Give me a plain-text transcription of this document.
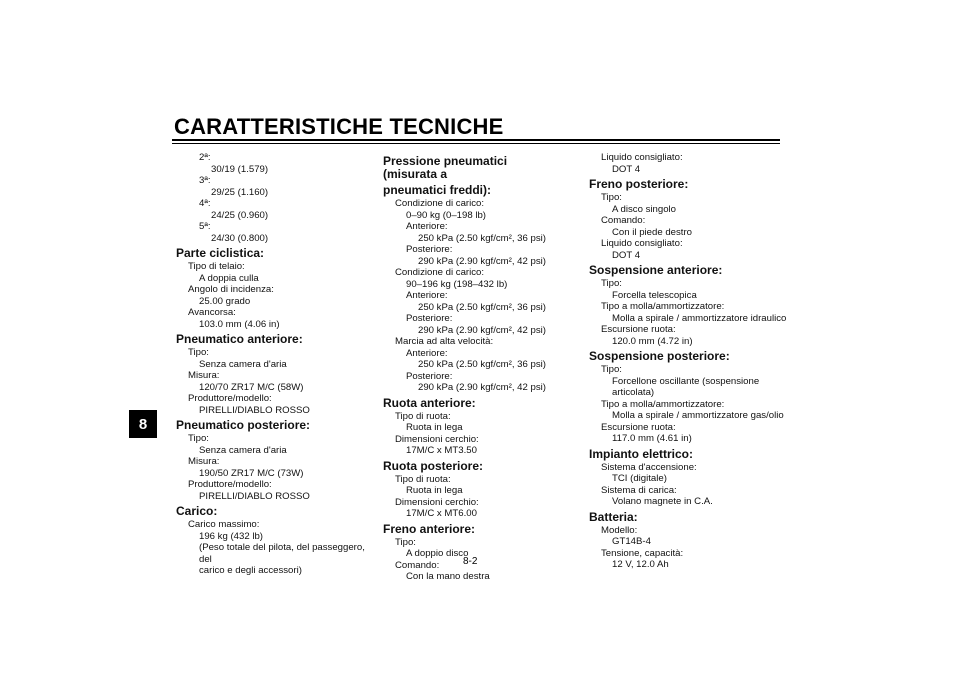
CARATTERISTICHE TECNICHE
8
2ª:
30/19 (1.579)
3ª:
29/25 (1.160)
4ª:
24/25 (0.960)
5ª:
24/30 (0.800)
Parte ciclistica:
Tipo di telaio:
A doppia culla
Angolo di incidenza:
25.00 grado
Avancorsa:
103.0 mm (4.06 in)
Pneumatico anteriore:
Tipo:
Senza camera d'aria
Misura:
120/70 ZR17 M/C (58W)
Produttore/modello:
PIRELLI/DIABLO ROSSO
Pneumatico posteriore:
Tipo:
Senza camera d'aria
Misura:
190/50 ZR17 M/C (73W)
Produttore/modello:
PIRELLI/DIABLO ROSSO
Carico:
Carico massimo:
196 kg (432 lb)
(Peso totale del pilota, del passeggero, del
carico e degli accessori)
Pressione pneumatici (misurata a
pneumatici freddi):
Condizione di carico:
0–90 kg (0–198 lb)
Anteriore:
250 kPa (2.50 kgf/cm², 36 psi)
Posteriore:
290 kPa (2.90 kgf/cm², 42 psi)
Condizione di carico:
90–196 kg (198–432 lb)
Anteriore:
250 kPa (2.50 kgf/cm², 36 psi)
Posteriore:
290 kPa (2.90 kgf/cm², 42 psi)
Marcia ad alta velocità:
Anteriore:
250 kPa (2.50 kgf/cm², 36 psi)
Posteriore:
290 kPa (2.90 kgf/cm², 42 psi)
Ruota anteriore:
Tipo di ruota:
Ruota in lega
Dimensioni cerchio:
17M/C x MT3.50
Ruota posteriore:
Tipo di ruota:
Ruota in lega
Dimensioni cerchio:
17M/C x MT6.00
Freno anteriore:
Tipo:
A doppio disco
Comando:
Con la mano destra
Liquido consigliato:
DOT 4
Freno posteriore:
Tipo:
A disco singolo
Comando:
Con il piede destro
Liquido consigliato:
DOT 4
Sospensione anteriore:
Tipo:
Forcella telescopica
Tipo a molla/ammortizzatore:
Molla a spirale / ammortizzatore idraulico
Escursione ruota:
120.0 mm (4.72 in)
Sospensione posteriore:
Tipo:
Forcellone oscillante (sospensione
articolata)
Tipo a molla/ammortizzatore:
Molla a spirale / ammortizzatore gas/olio
Escursione ruota:
117.0 mm (4.61 in)
Impianto elettrico:
Sistema d'accensione:
TCI (digitale)
Sistema di carica:
Volano magnete in C.A.
Batteria:
Modello:
GT14B-4
Tensione, capacità:
12 V, 12.0 Ah
8-2
